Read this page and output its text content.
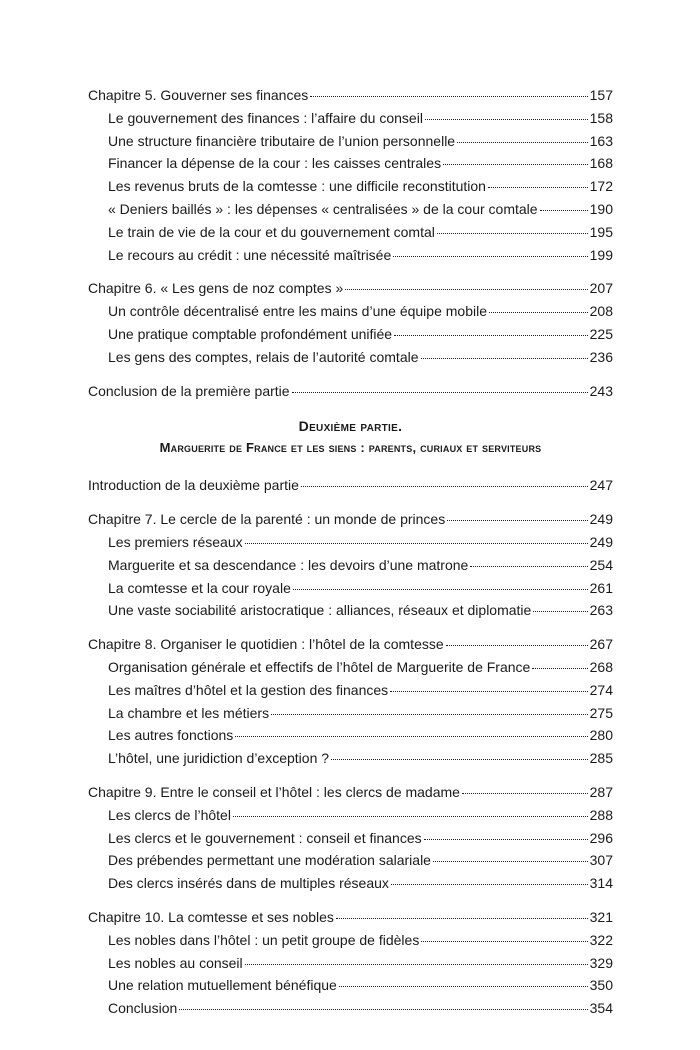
Chapitre 5. Gouverner ses finances	157
Le gouvernement des finances : l’affaire du conseil	158
Une structure financière tributaire de l’union personnelle	163
Financer la dépense de la cour : les caisses centrales	168
Les revenus bruts de la comtesse : une difficile reconstitution	172
« Deniers baillés » : les dépenses « centralisées » de la cour comtale	190
Le train de vie de la cour et du gouvernement comtal	195
Le recours au crédit : une nécessité maîtrisée	199
Chapitre 6. « Les gens de noz comptes »	207
Un contrôle décentralisé entre les mains d’une équipe mobile	208
Une pratique comptable profondément unifiée	225
Les gens des comptes, relais de l’autorité comtale	236
Conclusion de la première partie	243
Deuxième partie.
Marguerite de France et les siens : parents, curiaux et serviteurs
Introduction de la deuxième partie	247
Chapitre 7. Le cercle de la parenté : un monde de princes	249
Les premiers réseaux	249
Marguerite et sa descendance : les devoirs d’une matrone	254
La comtesse et la cour royale	261
Une vaste sociabilité aristocratique : alliances, réseaux et diplomatie	263
Chapitre 8. Organiser le quotidien : l’hôtel de la comtesse	267
Organisation générale et effectifs de l’hôtel de Marguerite de France	268
Les maîtres d’hôtel et la gestion des finances	274
La chambre et les métiers	275
Les autres fonctions	280
L’hôtel, une juridiction d’exception ?	285
Chapitre 9. Entre le conseil et l’hôtel : les clercs de madame	287
Les clercs de l’hôtel	288
Les clercs et le gouvernement : conseil et finances	296
Des prébendes permettant une modération salariale	307
Des clercs insérés dans de multiples réseaux	314
Chapitre 10. La comtesse et ses nobles	321
Les nobles dans l’hôtel : un petit groupe de fidèles	322
Les nobles au conseil	329
Une relation mutuellement bénéfique	350
Conclusion	354
